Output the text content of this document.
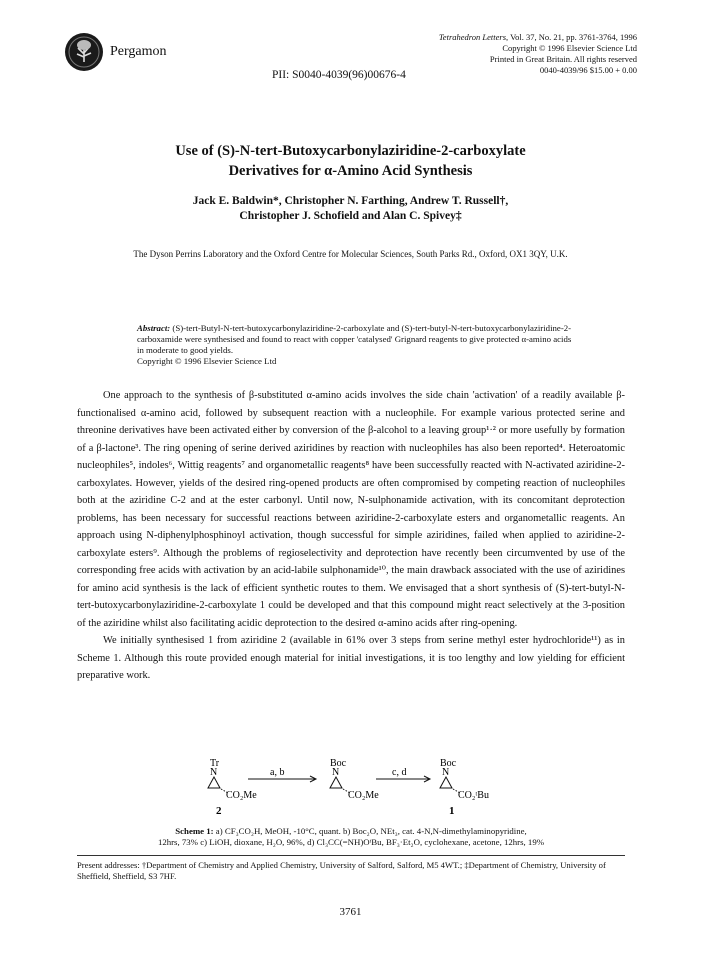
Pergamon
PII: S0040-4039(96)00676-4
Tetrahedron Letters, Vol. 37, No. 21, pp. 3761-3764, 1996
Copyright © 1996 Elsevier Science Ltd
Printed in Great Britain. All rights reserved
0040-4039/96 $15.00 + 0.00
Use of (S)-N-tert-Butoxycarbonylaziridine-2-carboxylate
Derivatives for α-Amino Acid Synthesis
Jack E. Baldwin*, Christopher N. Farthing, Andrew T. Russell†,
Christopher J. Schofield and Alan C. Spivey‡
The Dyson Perrins Laboratory and the Oxford Centre for Molecular Sciences, South Parks Rd., Oxford, OX1 3QY, U.K.
Abstract: (S)-tert-Butyl-N-tert-butoxycarbonylaziridine-2-carboxylate and (S)-tert-butyl-N-tert-butoxycarbonylaziridine-2-carboxamide were synthesised and found to react with copper 'catalysed' Grignard reagents to give protected α-amino acids in moderate to good yields.
Copyright © 1996 Elsevier Science Ltd

One approach to the synthesis of β-substituted α-amino acids involves the side chain 'activation' of a readily available β-functionalised α-amino acid, followed by subsequent reaction with a nucleophile. For example various protected serine and threonine derivatives have been activated either by conversion of the β-alcohol to a leaving group¹·² or more usefully by formation of a β-lactone³. The ring opening of serine derived aziridines by reaction with nucleophiles has also been reported⁴. Heteroatomic nucleophiles⁵, indoles⁶, Wittig reagents⁷ and organometallic reagents⁸ have been successfully reacted with N-activated aziridine-2-carboxylates. However, yields of the desired ring-opened products are often compromised by competing reaction of nucleophiles both at the aziridine C-2 and at the ester carbonyl. Until now, N-sulphonamide activation, with its concomitant deprotection problems, has been necessary for successful reactions between aziridine-2-carboxylate esters and organometallic reagents. An approach using N-diphenylphosphinoyl activation, though successful for simple aziridines, failed when applied to aziridine-2-carboxylate esters⁹. Although the problems of regioselectivity and deprotection have recently been circumvented by use of the corresponding free acids with activation by an acid-labile sulphonamide¹⁰, the main drawback associated with the use of aziridines for amino acid synthesis is the lack of efficient synthetic routes to them. We envisaged that a short synthesis of (S)-tert-butyl-N-tert-butoxycarbonylaziridine-2-carboxylate 1 could be developed and that this compound might react selectively at the 3-position of the aziridine whilst also facilitating acidic deprotection to the desired α-amino acids after ring-opening.

We initially synthesised 1 from aziridine 2 (available in 61% over 3 steps from serine methyl ester hydrochloride¹¹) as in Scheme 1. Although this route provided enough material for initial investigations, it is too lengthy and low yielding for efficient preparative work.

Tr
N
CO₂Me
2
a, b
Boc
N
CO₂Me
c, d
Boc
N
CO₂ᵗBu
1
Scheme 1: a) CF₃CO₂H, MeOH, -10°C, quant. b) Boc₂O, NEt₃, cat. 4-N,N-dimethylaminopyridine,
12hrs, 73% c) LiOH, dioxane, H₂O, 96%, d) Cl₃CC(=NH)OᵗBu, BF₃·Et₂O, cyclohexane, acetone, 12hrs, 19%
Present addresses: †Department of Chemistry and Applied Chemistry, University of Salford, Salford, M5 4WT.; ‡Department of Chemistry, University of Sheffield, Sheffield, S3 7HF.
3761
